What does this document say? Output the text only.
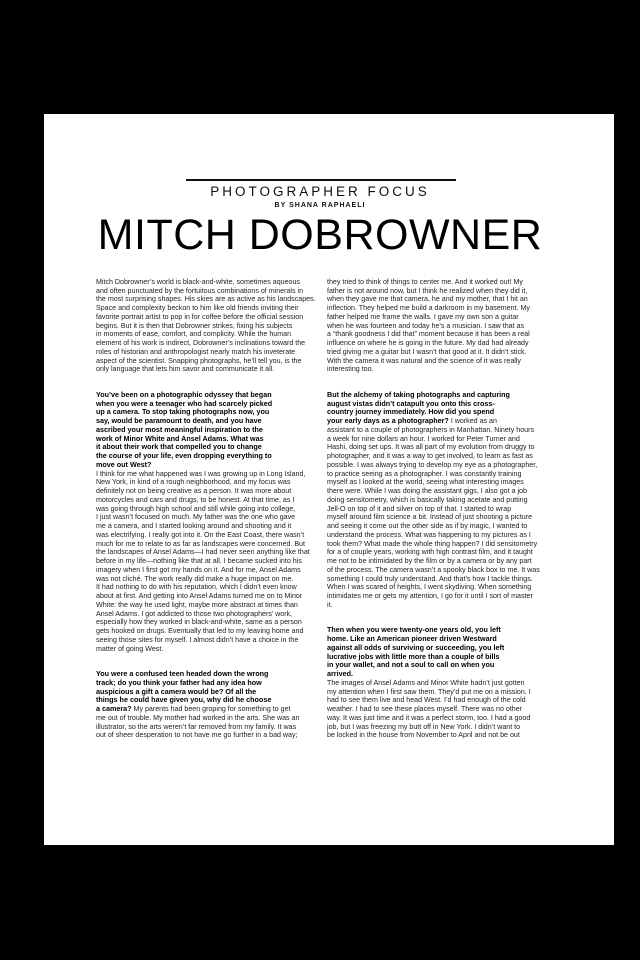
PHOTOGRAPHER FOCUS
BY SHANA RAPHAELI
MITCH DOBROWNER

Mitch Dobrowner’s world is black-and-white, sometimes aqueous
and often punctuated by the fortuitous combinations of minerals in
the most surprising shapes. His skies are as active as his landscapes.
Space and complexity beckon to him like old friends inviting their
favorite portrait artist to pop in for coffee before the official session
begins. But it is then that Dobrowner strikes, fixing his subjects
in moments of ease, comfort, and complicity. While the human
element of his work is indirect, Dobrowner’s inclinations toward the
roles of historian and anthropologist nearly match his inveterate
aspect of the scientist. Snapping photographs, he’ll tell you, is the
only language that lets him savor and communicate it all.

You’ve been on a photographic odyssey that began
when you were a teenager who had scarcely picked
up a camera. To stop taking photographs now, you
say, would be paramount to death, and you have
ascribed your most meaningful inspiration to the
work of Minor White and Ansel Adams. What was
it about their work that compelled you to change
the course of your life, even dropping everything to
move out West?
I think for me what happened was I was growing up in Long Island,
New York, in kind of a rough neighborhood, and my focus was
definitely not on being creative as a person. It was more about
motorcycles and cars and drugs, to be honest. At that time, as I
was going through high school and still while going into college,
I just wasn’t focused on much. My father was the one who gave
me a camera, and I started looking around and shooting and it
was electrifying. I really got into it. On the East Coast, there wasn’t
much for me to relate to as far as landscapes were concerned. But
the landscapes of Ansel Adams—I had never seen anything like that
before in my life—nothing like that at all. I became sucked into his
imagery when I first got my hands on it. And for me, Ansel Adams
was not cliché. The work really did make a huge impact on me.
It had nothing to do with his reputation, which I didn’t even know
about at first. And getting into Ansel Adams turned me on to Minor
White: the way he used light, maybe more abstract at times than
Ansel Adams. I got addicted to those two photographers’ work,
especially how they worked in black-and-white, same as a person
gets hooked on drugs. Eventually that led to my leaving home and
seeing those sites for myself. I almost didn’t have a choice in the
matter of going West.

You were a confused teen headed down the wrong
track; do you think your father had any idea how
auspicious a gift a camera would be? Of all the
things he could have given you, why did he choose
a camera? My parents had been groping for something to get
me out of trouble. My mother had worked in the arts. She was an
illustrator, so the arts weren’t far removed from my family. It was
out of sheer desperation to not have me go further in a bad way;

they tried to think of things to center me. And it worked out! My
father is not around now, but I think he realized when they did it,
when they gave me that camera, he and my mother, that I hit an
inflection. They helped me build a darkroom in my basement. My
father helped me frame the walls. I gave my own son a guitar
when he was fourteen and today he’s a musician. I saw that as
a “thank goodness I did that” moment because it has been a real
influence on where he is going in the future. My dad had already
tried giving me a guitar but I wasn’t that good at it. It didn’t stick.
With the camera it was natural and the science of it was really
interesting too.

But the alchemy of taking photographs and capturing
august vistas didn’t catapult you onto this cross-
country journey immediately. How did you spend
your early days as a photographer? I worked as an
assistant to a couple of photographers in Manhattan. Ninety hours
a week for nine dollars an hour. I worked for Peter Turner and
Hashi, doing set ups. It was all part of my evolution from druggy to
photographer, and it was a way to get involved, to learn as fast as
possible. I was always trying to develop my eye as a photographer,
to practice seeing as a photographer. I was constantly training
myself as I looked at the world, seeing what interesting images
there were. While I was doing the assistant gigs, I also got a job
doing sensitometry, which is basically taking acetate and putting
Jell-O on top of it and silver on top of that. I started to wrap
myself around film science a bit. Instead of just shooting a picture
and seeing it come out the other side as if by magic, I wanted to
understand the process. What was happening to my pictures as I
took them? What made the whole thing happen? I did sensitometry
for a of couple years, working with high contrast film, and it taught
me not to be intimidated by the film or by a camera or by any part
of the process. The camera wasn’t a spooky black box to me. It was
something I could truly understand. And that’s how I tackle things.
When I was scared of heights, I went skydiving. When something
intimidates me or gets my attention, I go for it until I sort of master
it.

Then when you were twenty-one years old, you left
home. Like an American pioneer driven Westward
against all odds of surviving or succeeding, you left
lucrative jobs with little more than a couple of bills
in your wallet, and not a soul to call on when you
arrived.
The images of Ansel Adams and Minor White hadn’t just gotten
my attention when I first saw them. They’d put me on a mission. I
had to see them live and head West. I’d had enough of the cold
weather. I had to see these places myself. There was no other
way. It was just time and it was a perfect storm, too. I had a good
job, but I was freezing my butt off in New York. I didn’t want to
be locked in the house from November to April and not be out
